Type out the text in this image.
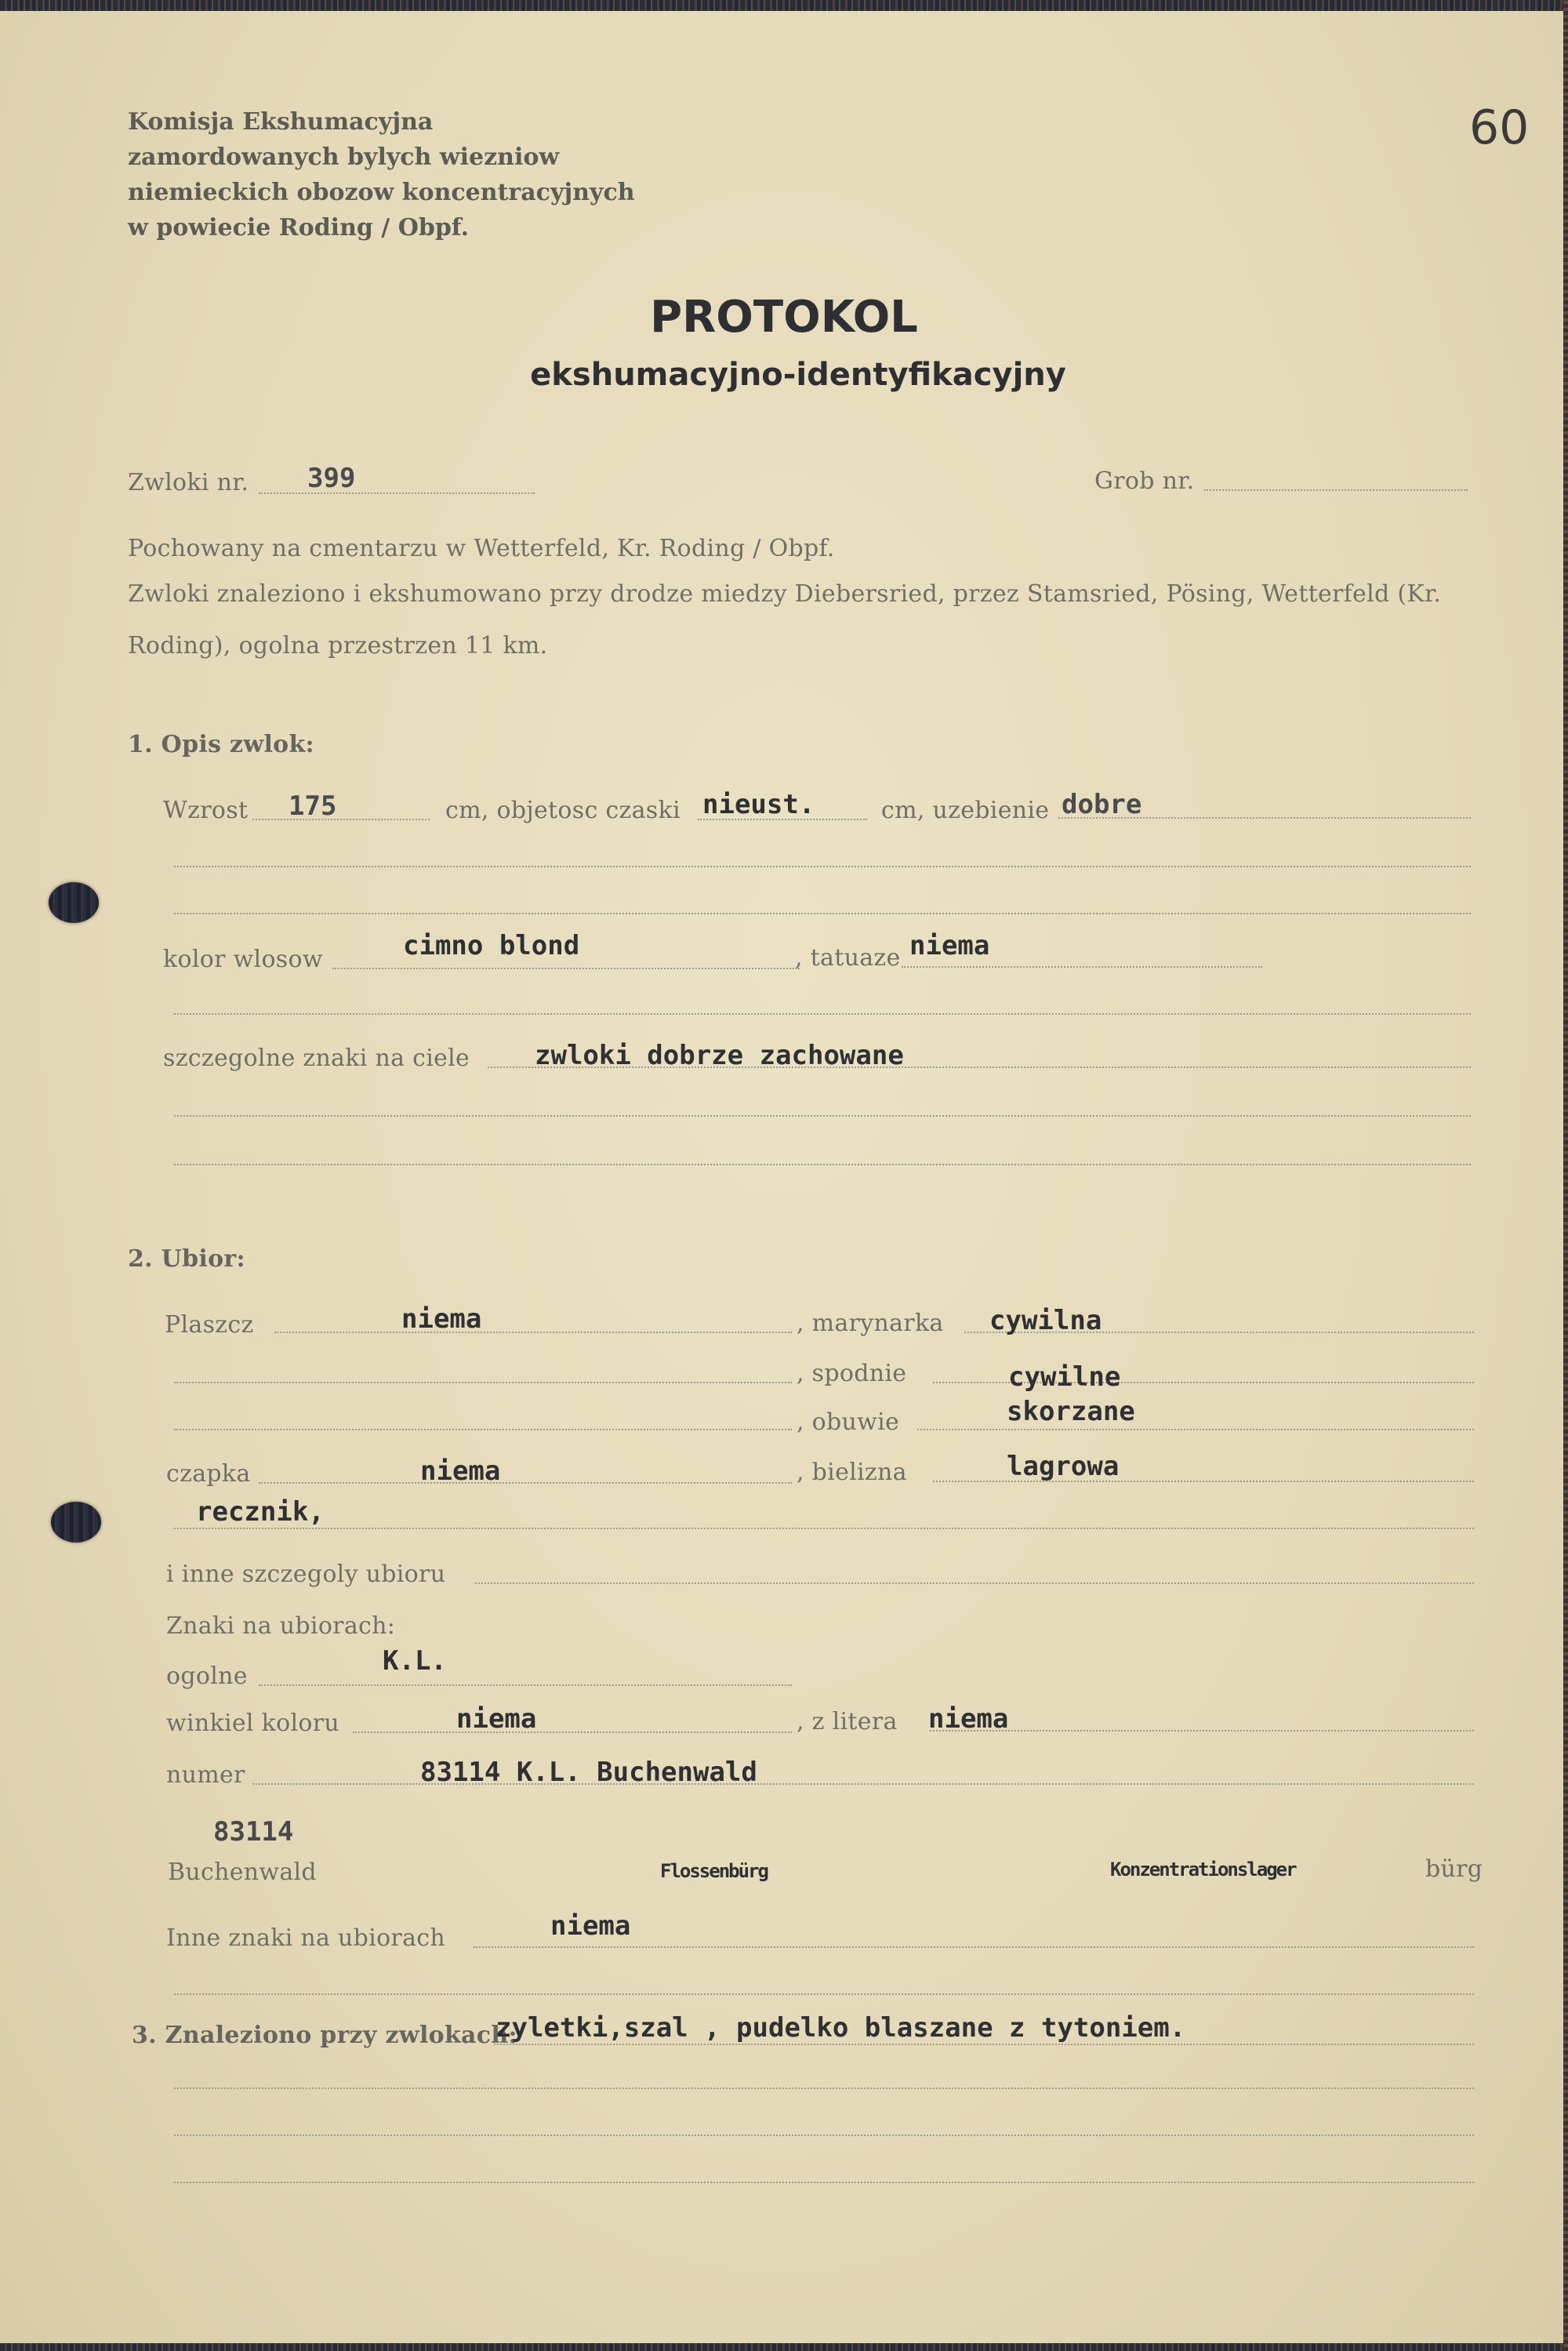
60
Komisja Ekshumacyjna
zamordowanych bylych wiezniow
niemieckich obozow koncentracyjnych
w powiecie Roding / Obpf.
PROTOKOL
ekshumacyjno-identyfikacyjny
Zwloki nr. 399	Grob nr.
Pochowany na cmentarzu w Wetterfeld, Kr. Roding / Obpf.
Zwloki znaleziono i ekshumowano przy drodze miedzy Diebersried, przez Stamsried, Pösing, Wetterfeld (Kr.
Roding), ogolna przestrzen 11 km.
1. Opis zwlok:
Wzrost 175	cm, objetosc czaski nieust.	cm, uzebienie dobre
kolor wlosow	cimno blond	, tatuaze niema
szczegolne znaki na ciele zwloki dobrze zachowane
2. Ubior:
Plaszcz	niema	, marynarka cywilna
, spodnie	cywilne
, obuwie	skorzane
czapka	niema	, bielizna	lagrowa
recznik,
i inne szczegoly ubioru
Znaki na ubiorach:
ogolne	K.L.
winkiel koloru	niema	, z litera niema
numer	83114 K.L. Buchenwald
83114
Buchenwald	Flossenbürg	Konzentrationslager	bürg
Inne znaki na ubiorach	niema
3. Znaleziono przy zwlokach:
zyletki,szal , pudelko blaszane z tytoniem.
